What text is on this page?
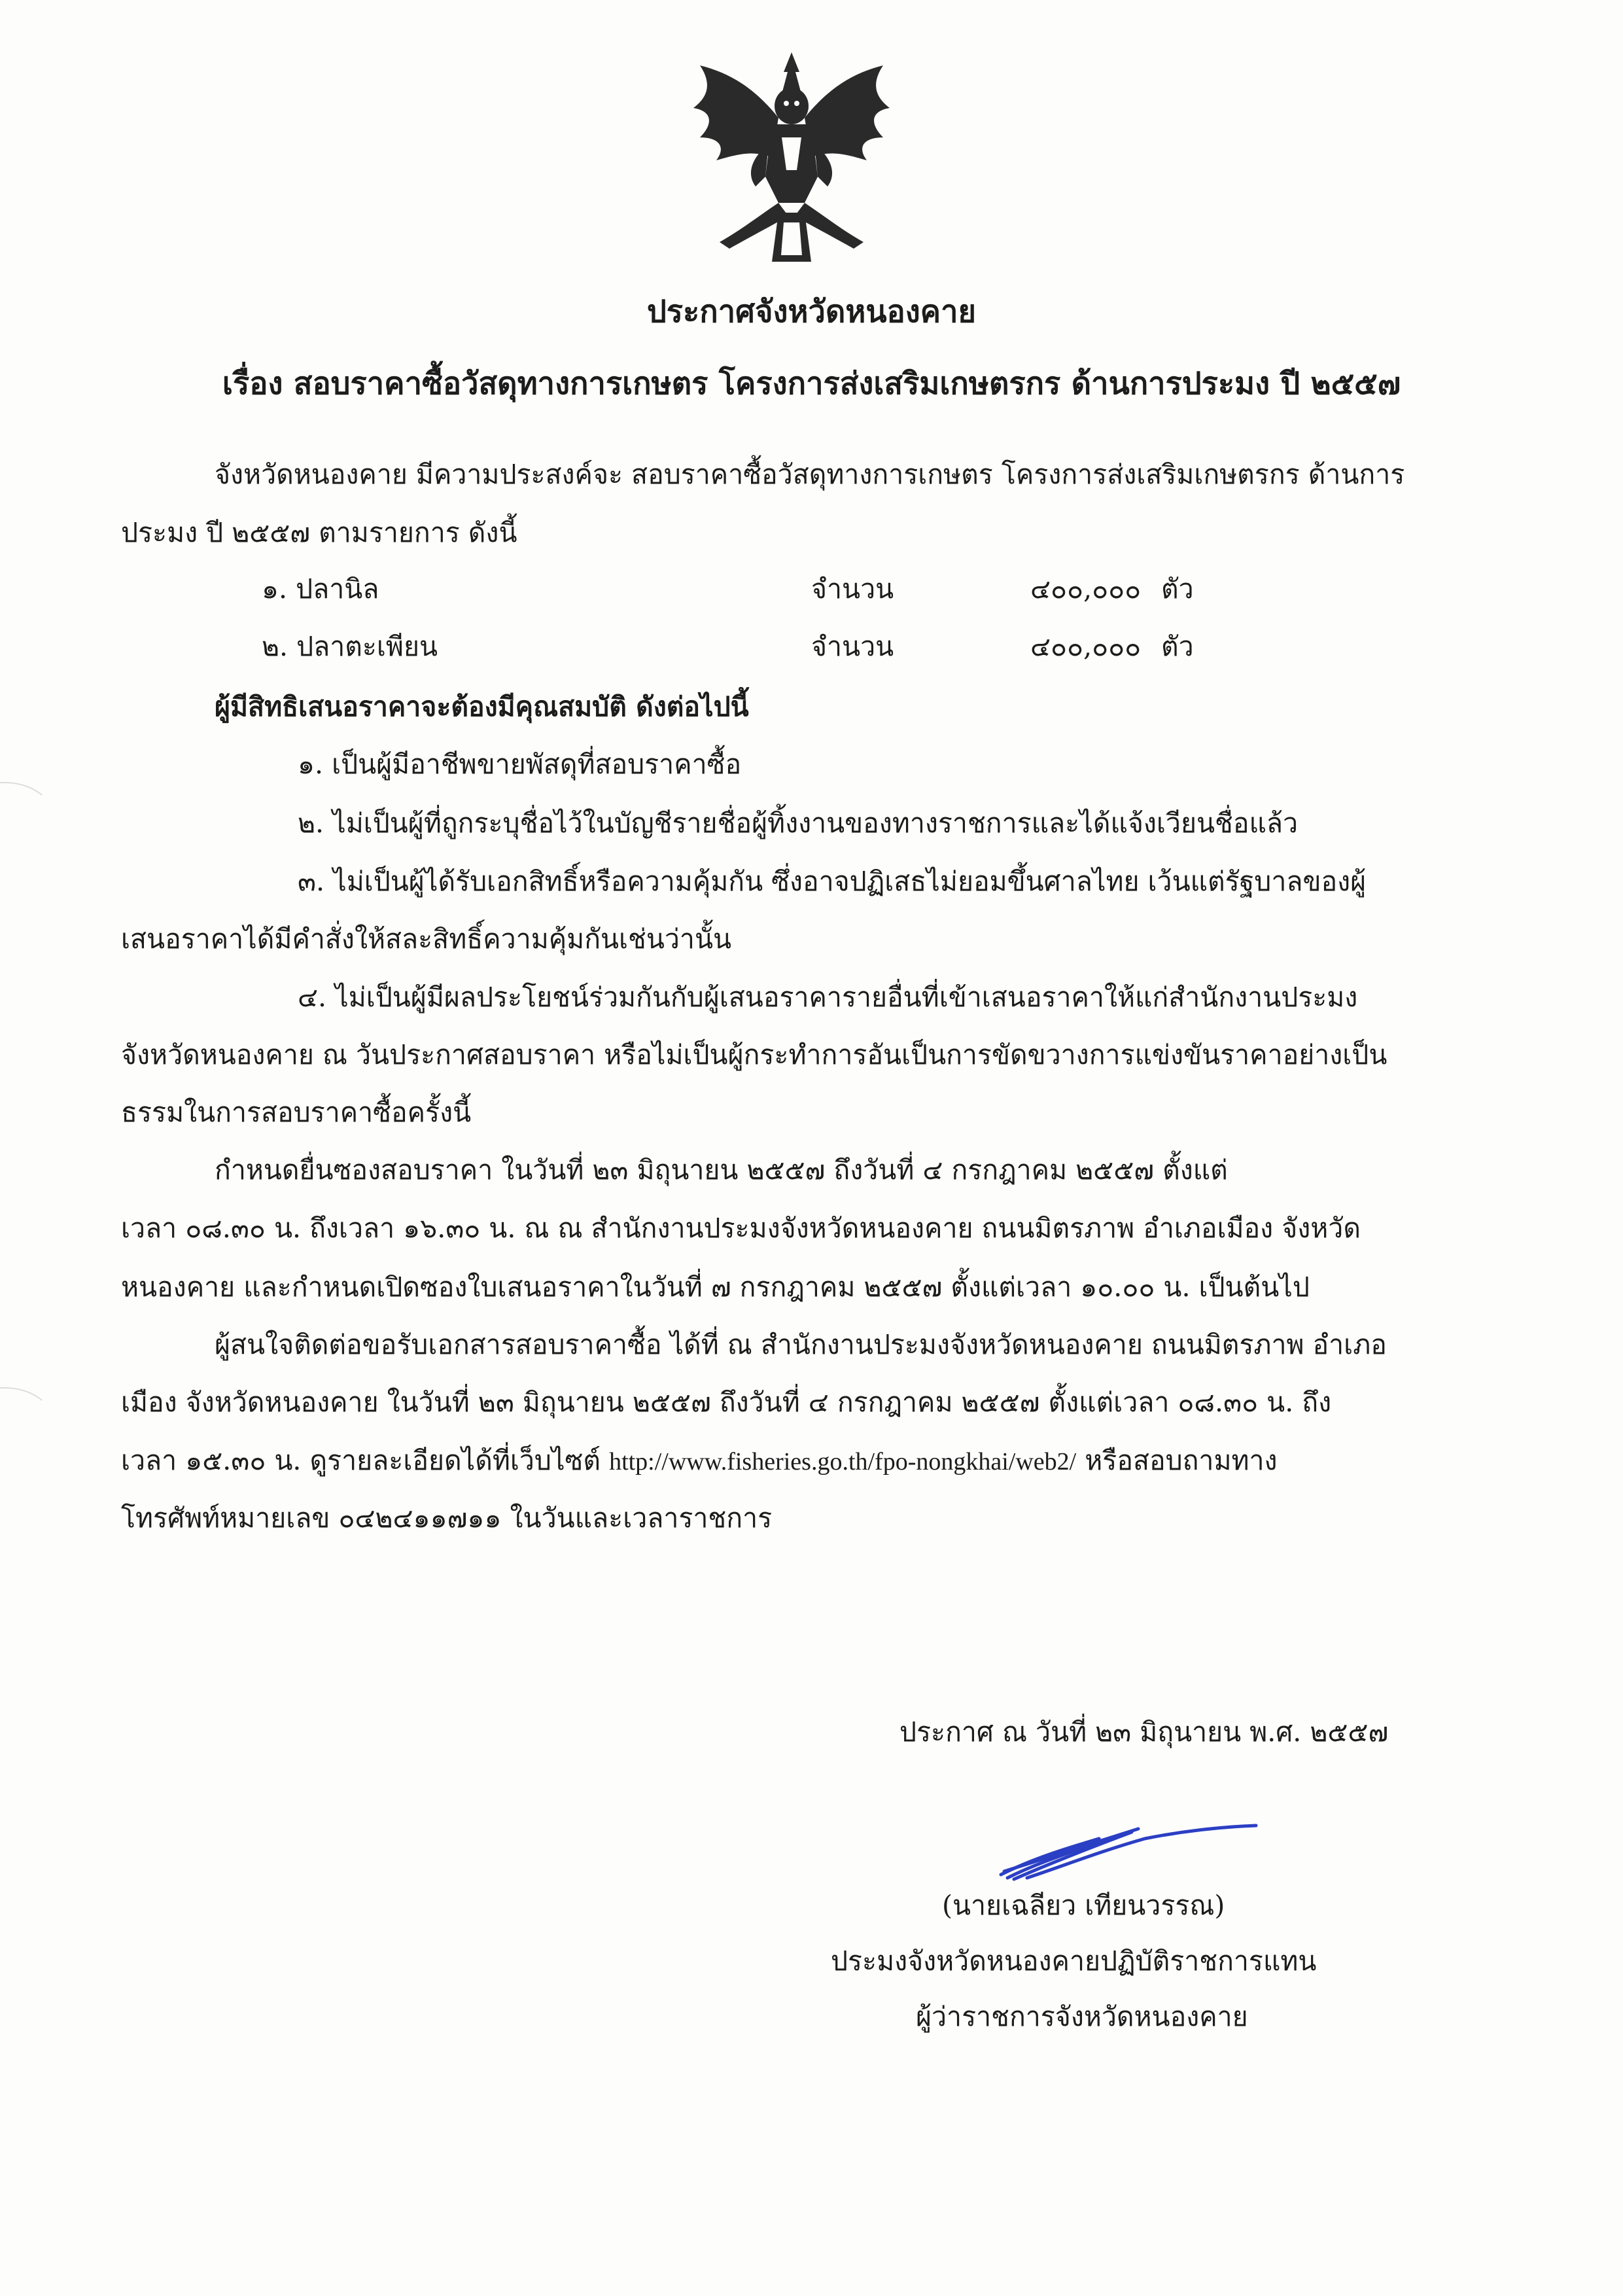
ประกาศจังหวัดหนองคาย
เรื่อง สอบราคาซื้อวัสดุทางการเกษตร โครงการส่งเสริมเกษตรกร ด้านการประมง ปี ๒๕๕๗
จังหวัดหนองคาย มีความประสงค์จะ สอบราคาซื้อวัสดุทางการเกษตร โครงการส่งเสริมเกษตรกร ด้านการ
ประมง ปี ๒๕๕๗ ตามรายการ ดังนี้
๑. ปลานิล	จำนวน	๔๐๐,๐๐๐ ตัว
๒. ปลาตะเพียน	จำนวน	๔๐๐,๐๐๐ ตัว
ผู้มีสิทธิเสนอราคาจะต้องมีคุณสมบัติ ดังต่อไปนี้
๑. เป็นผู้มีอาชีพขายพัสดุที่สอบราคาซื้อ
๒. ไม่เป็นผู้ที่ถูกระบุชื่อไว้ในบัญชีรายชื่อผู้ทิ้งงานของทางราชการและได้แจ้งเวียนชื่อแล้ว
๓. ไม่เป็นผู้ได้รับเอกสิทธิ์หรือความคุ้มกัน ซึ่งอาจปฏิเสธไม่ยอมขึ้นศาลไทย เว้นแต่รัฐบาลของผู้
เสนอราคาได้มีคำสั่งให้สละสิทธิ์ความคุ้มกันเช่นว่านั้น
๔. ไม่เป็นผู้มีผลประโยชน์ร่วมกันกับผู้เสนอราคารายอื่นที่เข้าเสนอราคาให้แก่สำนักงานประมง
จังหวัดหนองคาย ณ วันประกาศสอบราคา หรือไม่เป็นผู้กระทำการอันเป็นการขัดขวางการแข่งขันราคาอย่างเป็น
ธรรมในการสอบราคาซื้อครั้งนี้
กำหนดยื่นซองสอบราคา ในวันที่ ๒๓ มิถุนายน ๒๕๕๗ ถึงวันที่ ๔ กรกฎาคม ๒๕๕๗ ตั้งแต่
เวลา ๐๘.๓๐ น. ถึงเวลา ๑๖.๓๐ น. ณ ณ สำนักงานประมงจังหวัดหนองคาย ถนนมิตรภาพ อำเภอเมือง จังหวัด
หนองคาย และกำหนดเปิดซองใบเสนอราคาในวันที่ ๗ กรกฎาคม ๒๕๕๗ ตั้งแต่เวลา ๑๐.๐๐ น. เป็นต้นไป
ผู้สนใจติดต่อขอรับเอกสารสอบราคาซื้อ ได้ที่ ณ สำนักงานประมงจังหวัดหนองคาย ถนนมิตรภาพ อำเภอ
เมือง จังหวัดหนองคาย ในวันที่ ๒๓ มิถุนายน ๒๕๕๗ ถึงวันที่ ๔ กรกฎาคม ๒๕๕๗ ตั้งแต่เวลา ๐๘.๓๐ น. ถึง
เวลา ๑๕.๓๐ น. ดูรายละเอียดได้ที่เว็บไซต์ http://www.fisheries.go.th/fpo-nongkhai/web2/ หรือสอบถามทาง
โทรศัพท์หมายเลข ๐๔๒๔๑๑๗๑๑ ในวันและเวลาราชการ
ประกาศ ณ วันที่ ๒๓ มิถุนายน พ.ศ. ๒๕๕๗
(นายเฉลียว เทียนวรรณ)
ประมงจังหวัดหนองคายปฏิบัติราชการแทน
ผู้ว่าราชการจังหวัดหนองคาย
